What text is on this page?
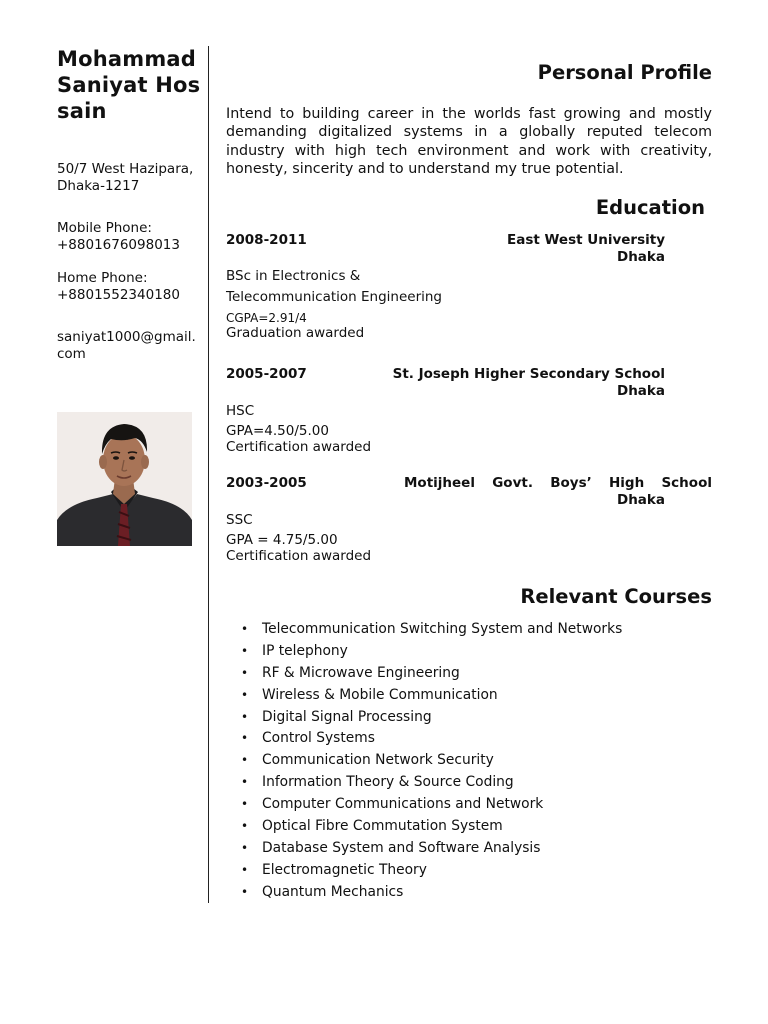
Mohammad Saniyat Hossain
50/7 West Hazipara, Dhaka-1217
Mobile Phone:
+8801676098013
Home Phone:
+8801552340180
saniyat1000@gmail.com
Personal Profile

Intend to building career in the worlds fast growing and mostly demanding digitalized systems in a globally reputed telecom industry with high tech environment and work with creativity, honesty, sincerity and to understand my true potential.

Education
2008-2011	East West University
Dhaka
BSc in Electronics &
Telecommunication Engineering
CGPA=2.91/4
Graduation awarded
2005-2007	St. Joseph Higher Secondary School
Dhaka
HSC
GPA=4.50/5.00
Certification awarded
2003-2005	Motijheel Govt. Boys’ High School
Dhaka
SSC
GPA = 4.75/5.00
Certification awarded
Relevant Courses
• Telecommunication Switching System and Networks
• IP telephony
• RF & Microwave Engineering
• Wireless & Mobile Communication
• Digital Signal Processing
• Control Systems
• Communication Network Security
• Information Theory & Source Coding
• Computer Communications and Network
• Optical Fibre Commutation System
• Database System and Software Analysis
• Electromagnetic Theory
• Quantum Mechanics
